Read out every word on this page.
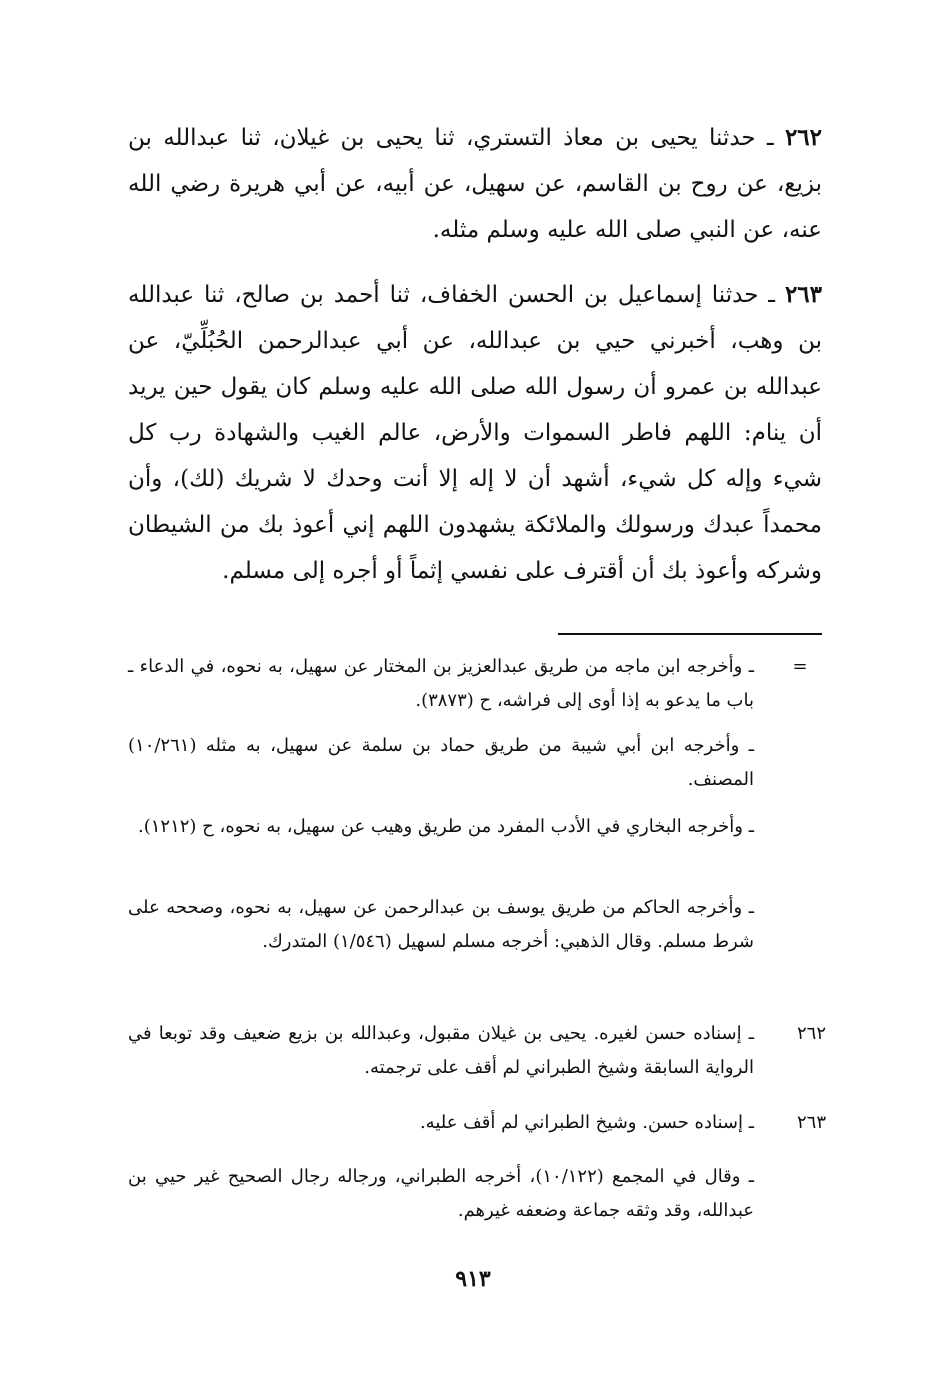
٢٦٢ ـ حدثنا يحيى بن معاذ التستري، ثنا يحيى بن غيلان، ثنا عبدالله بن بزيع، عن روح بن القاسم، عن سهيل، عن أبيه، عن أبي هريرة رضي الله عنه، عن النبي صلى الله عليه وسلم مثله.

٢٦٣ ـ حدثنا إسماعيل بن الحسن الخفاف، ثنا أحمد بن صالح، ثنا عبدالله بن وهب، أخبرني حيي بن عبدالله، عن أبي عبدالرحمن الحُبُلِّيّ، عن عبدالله بن عمرو أن رسول الله صلى الله عليه وسلم كان يقول حين يريد أن ينام: اللهم فاطر السموات والأرض، عالم الغيب والشهادة رب كل شيء وإله كل شيء، أشهد أن لا إله إلا أنت وحدك لا شريك (لك)، وأن محمداً عبدك ورسولك والملائكة يشهدون اللهم إني أعوذ بك من الشيطان وشركه وأعوذ بك أن أقترف على نفسي إثماً أو أجره إلى مسلم.

=

ـ وأخرجه ابن ماجه من طريق عبدالعزيز بن المختار عن سهيل، به نحوه، في الدعاء ـ باب ما يدعو به إذا أوى إلى فراشه، ح (٣٨٧٣).

ـ وأخرجه ابن أبي شيبة من طريق حماد بن سلمة عن سهيل، به مثله (١٠/٢٦١) المصنف.

ـ وأخرجه البخاري في الأدب المفرد من طريق وهيب عن سهيل، به نحوه، ح (١٢١٢).

ـ وأخرجه الحاكم من طريق يوسف بن عبدالرحمن عن سهيل، به نحوه، وصححه على شرط مسلم. وقال الذهبي: أخرجه مسلم لسهيل (١/٥٤٦) المتدرك.

٢٦٢

ـ إسناده حسن لغيره. يحيى بن غيلان مقبول، وعبدالله بن بزيع ضعيف وقد توبعا في الرواية السابقة وشيخ الطبراني لم أقف على ترجمته.

٢٦٣

ـ إسناده حسن. وشيخ الطبراني لم أقف عليه.

ـ وقال في المجمع (١٠/١٢٢)، أخرجه الطبراني، ورجاله رجال الصحيح غير حيي بن عبدالله، وقد وثقه جماعة وضعفه غيرهم.

٩١٣
